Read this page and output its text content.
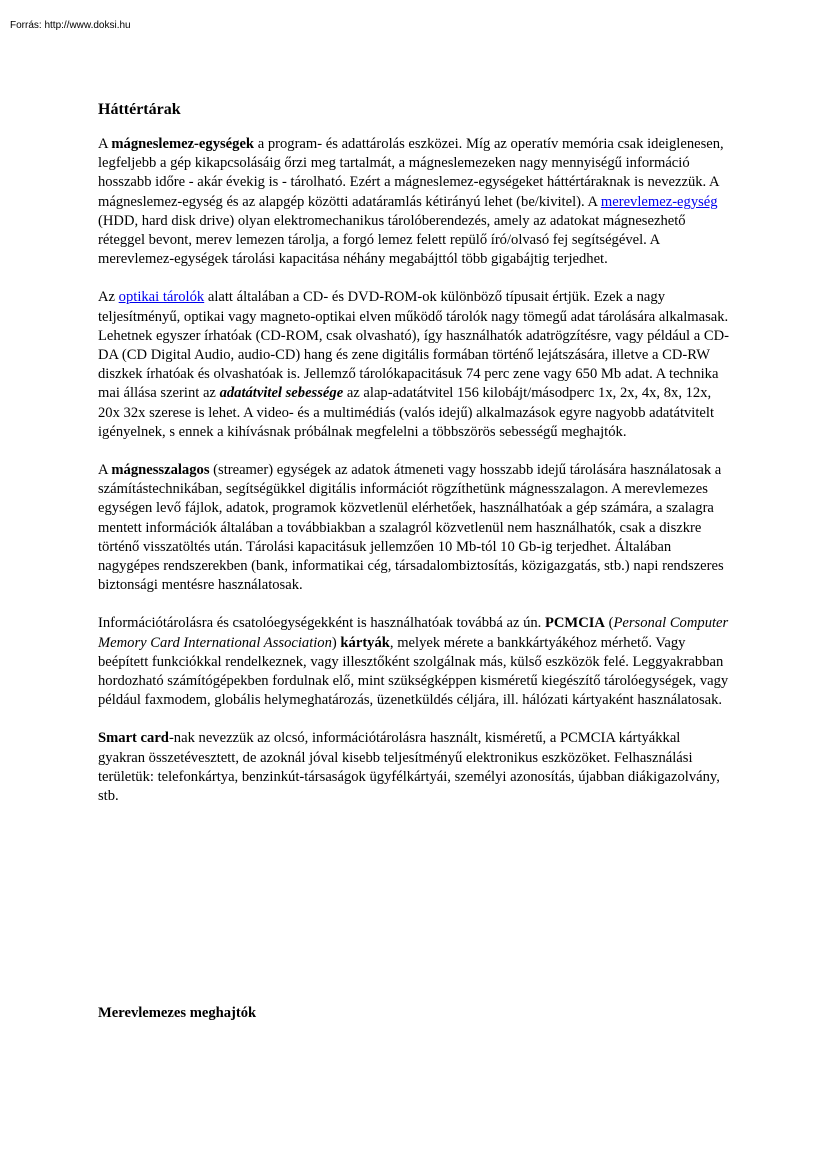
Forrás: http://www.doksi.hu
Háttértárak

A mágneslemez-egységek a program- és adattárolás eszközei. Míg az operatív memória csak ideiglenesen, legfeljebb a gép kikapcsolásáig őrzi meg tartalmát, a mágneslemezeken nagy mennyiségű információ hosszabb időre - akár évekig is - tárolható. Ezért a mágneslemez-egységeket háttértáraknak is nevezzük. A mágneslemez-egység és az alapgép közötti adatáramlás kétirányú lehet (be/kivitel). A merevlemez-egység (HDD, hard disk drive) olyan elektromechanikus tárolóberendezés, amely az adatokat mágnesezhető réteggel bevont, merev lemezen tárolja, a forgó lemez felett repülő író/olvasó fej segítségével. A merevlemez-egységek tárolási kapacitása néhány megabájttól több gigabájtig terjedhet.

Az optikai tárolók alatt általában a CD- és DVD-ROM-ok különböző típusait értjük. Ezek a nagy teljesítményű, optikai vagy magneto-optikai elven működő tárolók nagy tömegű adat tárolására alkalmasak. Lehetnek egyszer írhatóak (CD-ROM, csak olvasható), így használhatók adatrögzítésre, vagy például a CD-DA (CD Digital Audio, audio-CD) hang és zene digitális formában történő lejátszására, illetve a CD-RW diszkek írhatóak és olvashatóak is. Jellemző tárolókapacitásuk 74 perc zene vagy 650 Mb adat. A technika mai állása szerint az adatátvitel sebessége az alap-adatátvitel 156 kilobájt/másodperc 1x, 2x, 4x, 8x, 12x, 20x 32x szerese is lehet. A video- és a multimédiás (valós idejű) alkalmazások egyre nagyobb adatátvitelt igényelnek, s ennek a kihívásnak próbálnak megfelelni a többszörös sebességű meghajtók.

A mágnesszalagos (streamer) egységek az adatok átmeneti vagy hosszabb idejű tárolására használatosak a számítástechnikában, segítségükkel digitális információt rögzíthetünk mágnesszalagon. A merevlemezes egységen levő fájlok, adatok, programok közvetlenül elérhetőek, használhatóak a gép számára, a szalagra mentett információk általában a továbbiakban a szalagról közvetlenül nem használhatók, csak a diszkre történő visszatöltés után. Tárolási kapacitásuk jellemzően 10 Mb-tól 10 Gb-ig terjedhet. Általában nagygépes rendszerekben (bank, informatikai cég, társadalombiztosítás, közigazgatás, stb.) napi rendszeres biztonsági mentésre használatosak.

Információtárolásra és csatolóegységekként is használhatóak továbbá az ún. PCMCIA (Personal Computer Memory Card International Association) kártyák, melyek mérete a bankkártyákéhoz mérhető. Vagy beépített funkciókkal rendelkeznek, vagy illesztőként szolgálnak más, külső eszközök felé. Leggyakrabban hordozható számítógépekben fordulnak elő, mint szükségképpen kisméretű kiegészítő tárolóegységek, vagy például faxmodem, globális helymeghatározás, üzenetküldés céljára, ill. hálózati kártyaként használatosak.

Smart card-nak nevezzük az olcsó, információtárolásra használt, kisméretű, a PCMCIA kártyákkal gyakran összetévesztett, de azoknál jóval kisebb teljesítményű elektronikus eszközöket. Felhasználási területük: telefonkártya, benzinkút-társaságok ügyfélkártyái, személyi azonosítás, újabban diákigazolvány, stb.

Merevlemezes meghajtók
